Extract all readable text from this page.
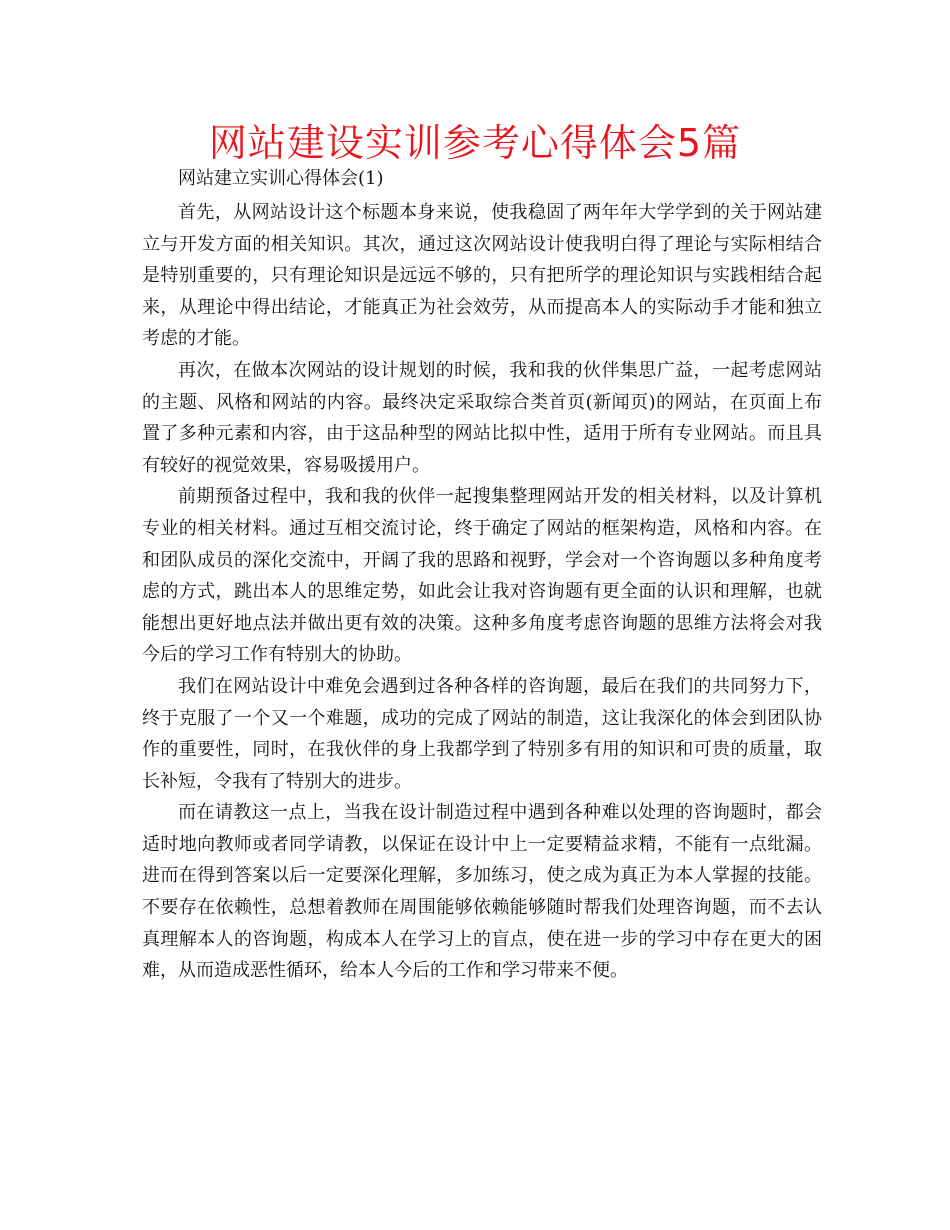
网站建设实训参考心得体会5篇

网站建立实训心得体会(1)

首先，从网站设计这个标题本身来说，使我稳固了两年年大学学到的关于网站建立与开发方面的相关知识。其次，通过这次网站设计使我明白得了理论与实际相结合是特别重要的，只有理论知识是远远不够的，只有把所学的理论知识与实践相结合起来，从理论中得出结论，才能真正为社会效劳，从而提高本人的实际动手才能和独立考虑的才能。

再次，在做本次网站的设计规划的时候，我和我的伙伴集思广益，一起考虑网站的主题、风格和网站的内容。最终决定采取综合类首页(新闻页)的网站，在页面上布置了多种元素和内容，由于这品种型的网站比拟中性，适用于所有专业网站。而且具有较好的视觉效果，容易吸援用户。

前期预备过程中，我和我的伙伴一起搜集整理网站开发的相关材料，以及计算机专业的相关材料。通过互相交流讨论，终于确定了网站的框架构造，风格和内容。在和团队成员的深化交流中，开阔了我的思路和视野，学会对一个咨询题以多种角度考虑的方式，跳出本人的思维定势，如此会让我对咨询题有更全面的认识和理解，也就能想出更好地点法并做出更有效的决策。这种多角度考虑咨询题的思维方法将会对我今后的学习工作有特别大的协助。

我们在网站设计中难免会遇到过各种各样的咨询题，最后在我们的共同努力下，终于克服了一个又一个难题，成功的完成了网站的制造，这让我深化的体会到团队协作的重要性，同时，在我伙伴的身上我都学到了特别多有用的知识和可贵的质量，取长补短，令我有了特别大的进步。

而在请教这一点上，当我在设计制造过程中遇到各种难以处理的咨询题时，都会适时地向教师或者同学请教，以保证在设计中上一定要精益求精，不能有一点纰漏。进而在得到答案以后一定要深化理解，多加练习，使之成为真正为本人掌握的技能。不要存在依赖性，总想着教师在周围能够依赖能够随时帮我们处理咨询题，而不去认真理解本人的咨询题，构成本人在学习上的盲点，使在进一步的学习中存在更大的困难，从而造成恶性循环，给本人今后的工作和学习带来不便。
